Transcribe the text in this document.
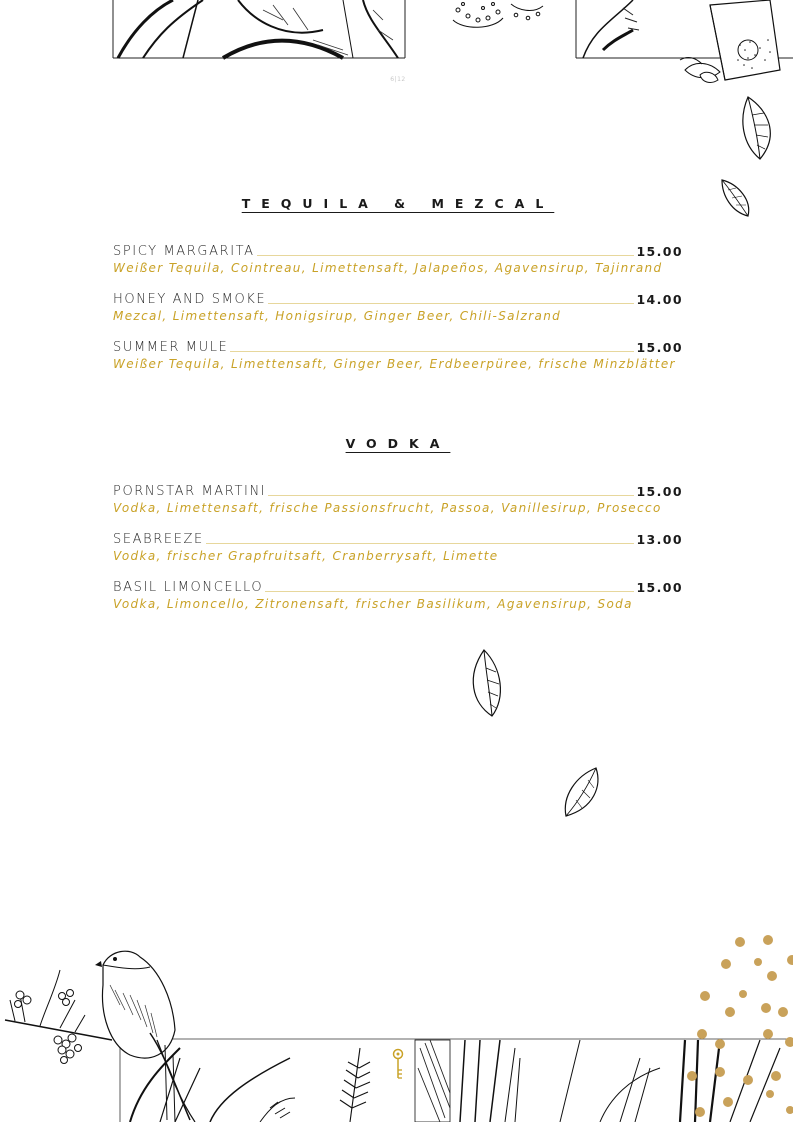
6|12
TEQUILA & MEZCAL
SPICY MARGARITA	15.00
Weißer Tequila, Cointreau, Limettensaft, Jalapeños, Agavensirup, Tajinrand
HONEY AND SMOKE	14.00
Mezcal, Limettensaft, Honigsirup, Ginger Beer, Chili-Salzrand
SUMMER MULE	15.00
Weißer Tequila, Limettensaft, Ginger Beer, Erdbeerpüree, frische Minzblätter
VODKA
PORNSTAR MARTINI	15.00
Vodka, Limettensaft, frische Passionsfrucht, Passoa, Vanillesirup, Prosecco
SEABREEZE	13.00
Vodka, frischer Grapfruitsaft, Cranberrysaft, Limette
BASIL LIMONCELLO	15.00
Vodka, Limoncello, Zitronensaft, frischer Basilikum, Agavensirup, Soda
